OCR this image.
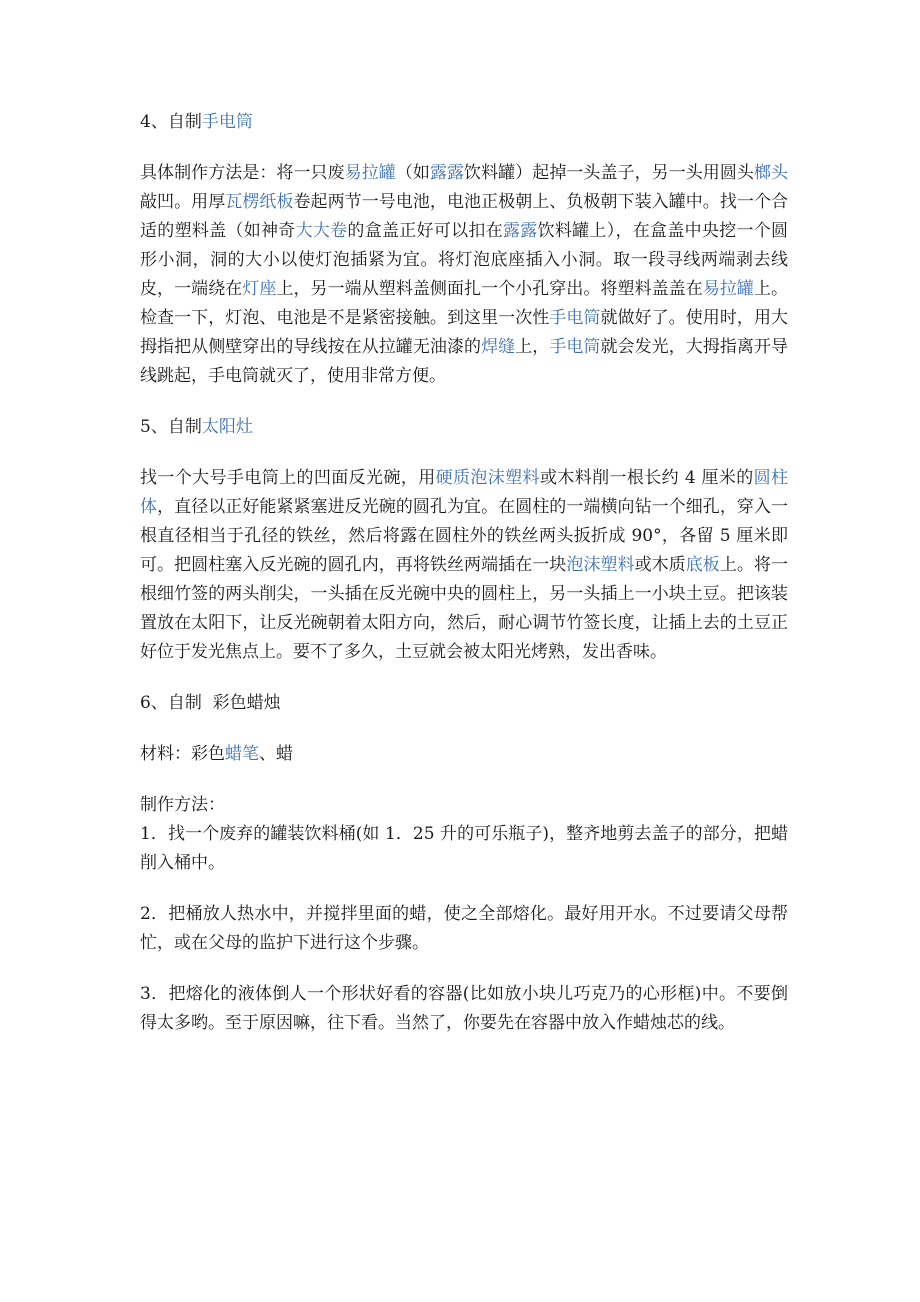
4、自制手电筒
具体制作方法是：将一只废易拉罐（如露露饮料罐）起掉一头盖子，另一头用圆头榔头敲凹。用厚瓦楞纸板卷起两节一号电池，电池正极朝上、负极朝下装入罐中。找一个合适的塑料盖（如神奇大大卷的盒盖正好可以扣在露露饮料罐上），在盒盖中央挖一个圆形小洞，洞的大小以使灯泡插紧为宜。将灯泡底座插入小洞。取一段寻线两端剥去线皮，一端绕在灯座上，另一端从塑料盖侧面扎一个小孔穿出。将塑料盖盖在易拉罐上。检查一下，灯泡、电池是不是紧密接触。到这里一次性手电筒就做好了。使用时，用大拇指把从侧壁穿出的导线按在从拉罐无油漆的焊缝上，手电筒就会发光，大拇指离开导线跳起，手电筒就灭了，使用非常方便。
5、自制太阳灶
找一个大号手电筒上的凹面反光碗，用硬质泡沫塑料或木料削一根长约 4 厘米的圆柱体，直径以正好能紧紧塞进反光碗的圆孔为宜。在圆柱的一端横向钻一个细孔，穿入一根直径相当于孔径的铁丝，然后将露在圆柱外的铁丝两头扳折成 90°，各留 5 厘米即可。把圆柱塞入反光碗的圆孔内，再将铁丝两端插在一块泡沫塑料或木质底板上。将一根细竹签的两头削尖，一头插在反光碗中央的圆柱上，另一头插上一小块土豆。把该装置放在太阳下，让反光碗朝着太阳方向，然后，耐心调节竹签长度，让插上去的土豆正好位于发光焦点上。要不了多久，土豆就会被太阳光烤熟，发出香味。
6、自制  彩色蜡烛
材料：彩色蜡笔、蜡
制作方法：
1．找一个废弃的罐装饮料桶(如 1．25 升的可乐瓶子)，整齐地剪去盖子的部分，把蜡削入桶中。
2．把桶放人热水中，并搅拌里面的蜡，使之全部熔化。最好用开水。不过要请父母帮忙，或在父母的监护下进行这个步骤。
3．把熔化的液体倒人一个形状好看的容器(比如放小块儿巧克乃的心形框)中。不要倒得太多哟。至于原因嘛，往下看。当然了，你要先在容器中放入作蜡烛芯的线。
